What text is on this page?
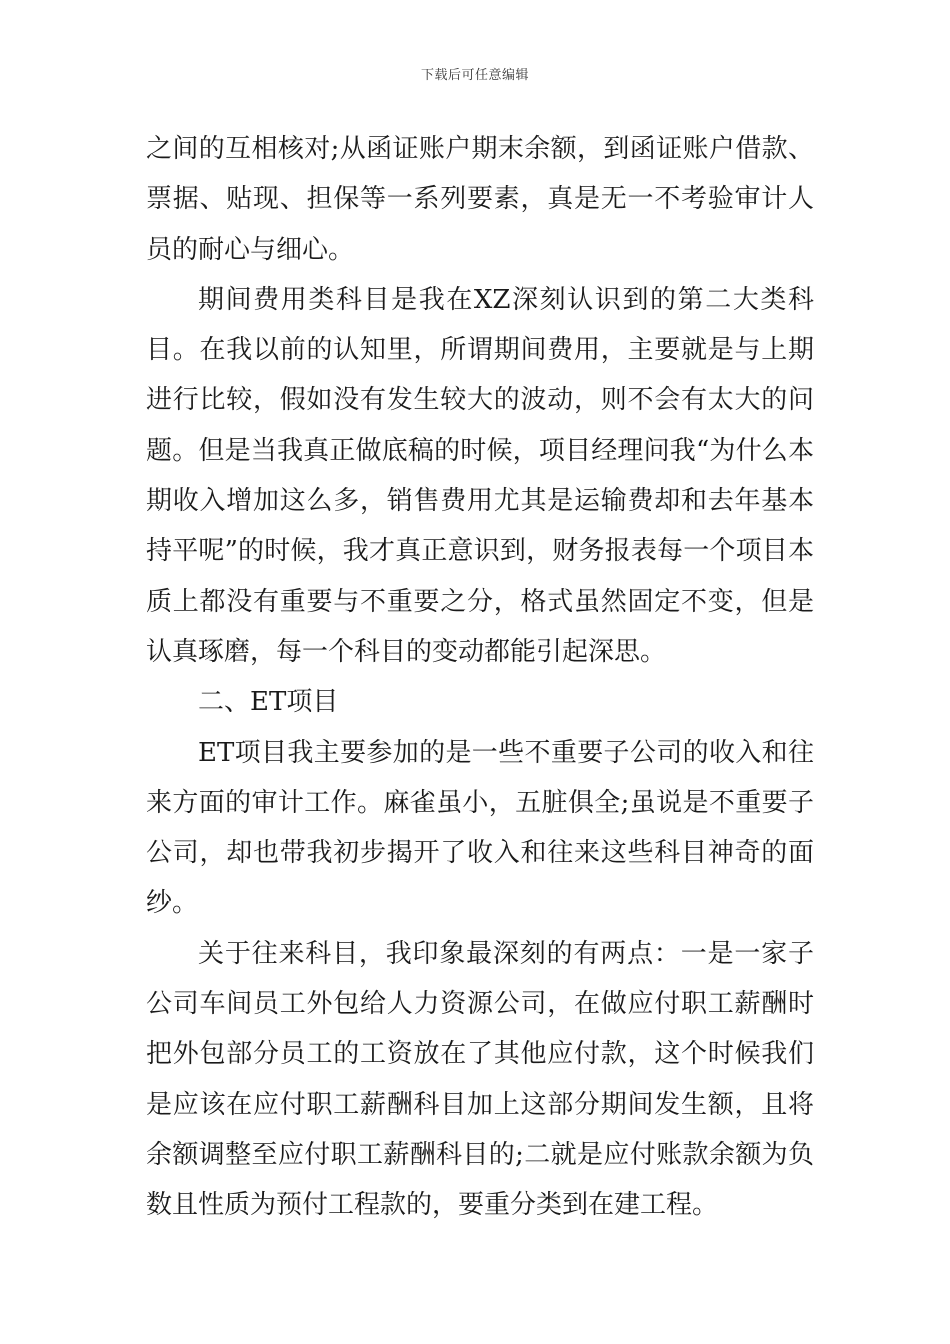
下载后可任意编辑

之间的互相核对;从函证账户期末余额，到函证账户借款、票据、贴现、担保等一系列要素，真是无一不考验审计人员的耐心与细心。

期间费用类科目是我在XZ深刻认识到的第二大类科目。在我以前的认知里，所谓期间费用，主要就是与上期进行比较，假如没有发生较大的波动，则不会有太大的问题。但是当我真正做底稿的时候，项目经理问我“为什么本期收入增加这么多，销售费用尤其是运输费却和去年基本持平呢”的时候，我才真正意识到，财务报表每一个项目本质上都没有重要与不重要之分，格式虽然固定不变，但是认真琢磨，每一个科目的变动都能引起深思。

二、ET项目

ET项目我主要参加的是一些不重要子公司的收入和往来方面的审计工作。麻雀虽小，五脏俱全;虽说是不重要子公司，却也带我初步揭开了收入和往来这些科目神奇的面纱。

关于往来科目，我印象最深刻的有两点：一是一家子公司车间员工外包给人力资源公司，在做应付职工薪酬时把外包部分员工的工资放在了其他应付款，这个时候我们是应该在应付职工薪酬科目加上这部分期间发生额，且将余额调整至应付职工薪酬科目的;二就是应付账款余额为负数且性质为预付工程款的，要重分类到在建工程。
